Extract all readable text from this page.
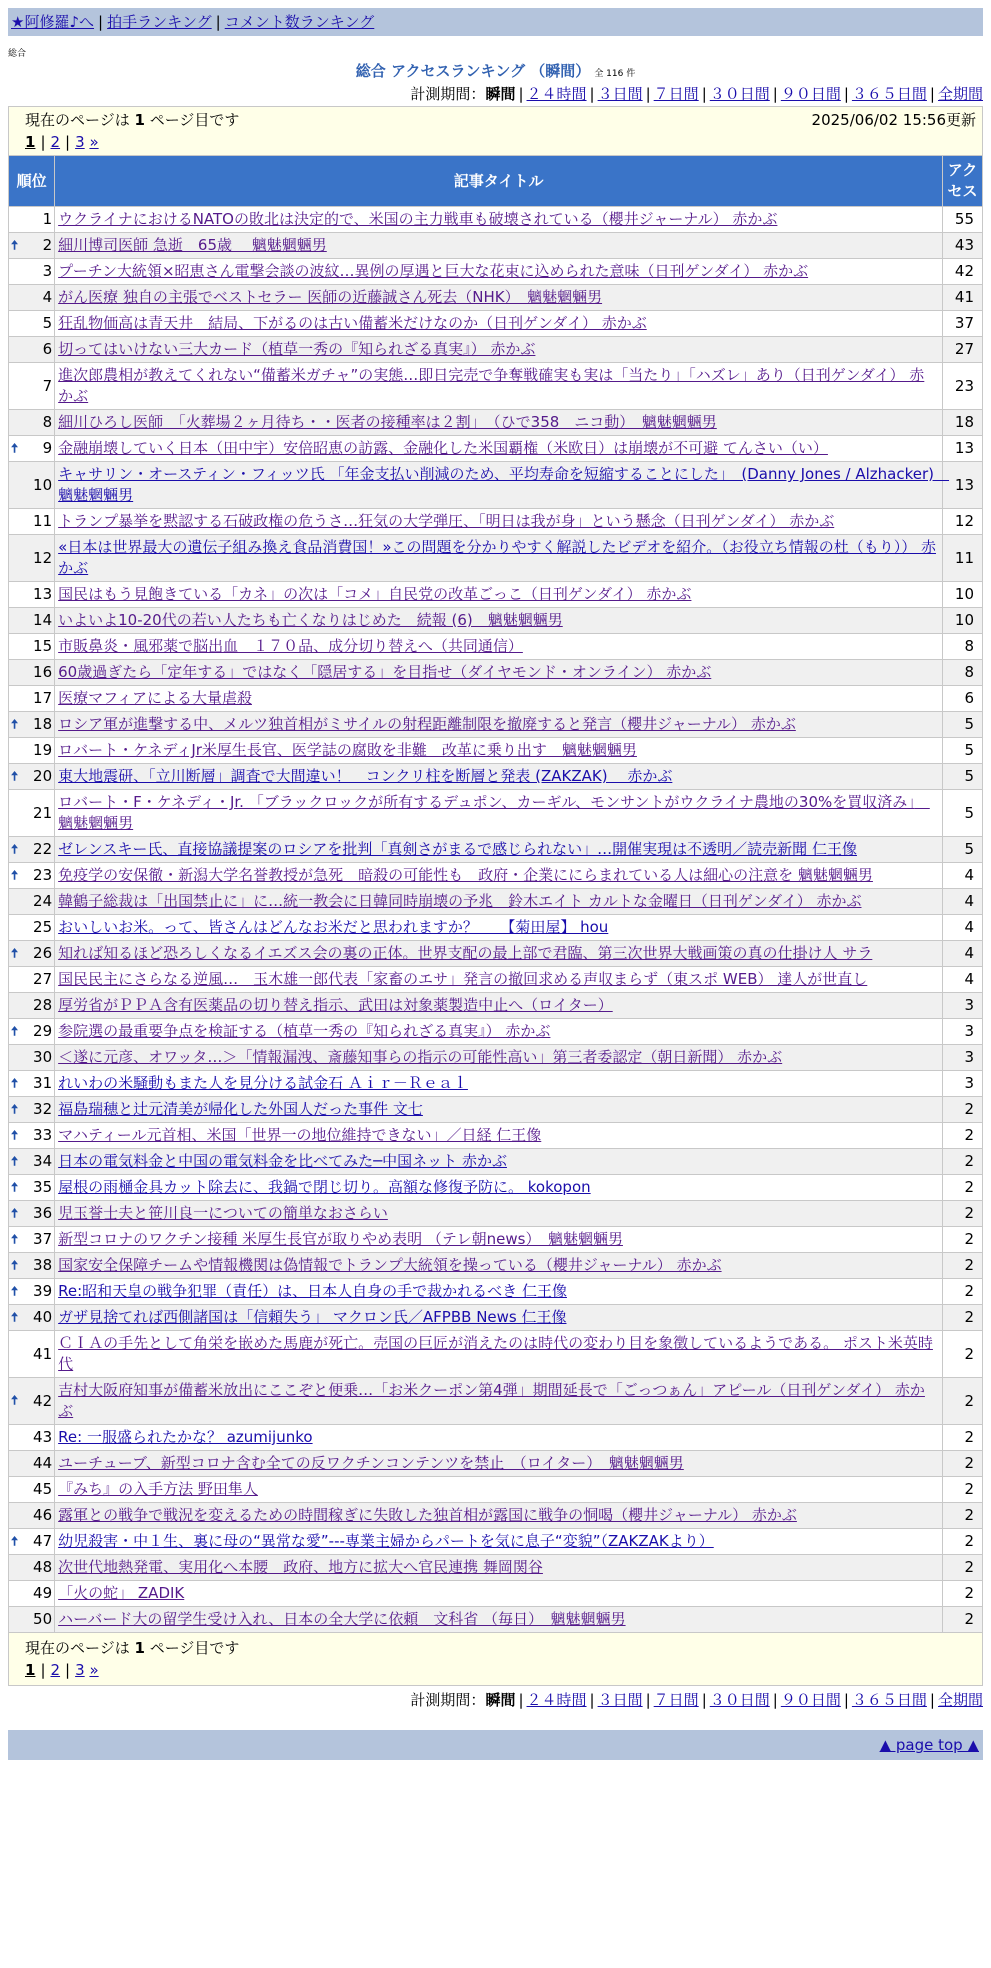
★阿修羅♪へ | 拍手ランキング | コメント数ランキング
総合
総合 アクセスランキング （瞬間） 全 116 件
計測期間：瞬間 | ２４時間 | ３日間 | ７日間 | ３０日間 | ９０日間 | ３６５日間 | 全期間
現在のページは 1 ページ目です	2025/06/02 15:56更新
1 | 2 | 3 »
順位	記事タイトル	アクセス
1	ウクライナにおけるNATOの敗北は決定的で、米国の主力戦車も破壊されている（櫻井ジャーナル） 赤かぶ	55

🠅 2	細川博司医師 急逝　65歳　 魑魅魍魎男	43
3	プーチン大統領×昭恵さん電撃会談の波紋…異例の厚遇と巨大な花束に込められた意味（日刊ゲンダイ） 赤かぶ	42
4	がん医療 独自の主張でベストセラー 医師の近藤誠さん死去（NHK）　魑魅魍魎男	41
5	狂乱物価高は青天井　結局、下がるのは古い備蓄米だけなのか（日刊ゲンダイ） 赤かぶ	37
6	切ってはいけない三大カード（植草一秀の『知られざる真実』） 赤かぶ	27
7	進次郎農相が教えてくれない“備蓄米ガチャ”の実態…即日完売で争奪戦確実も実は「当たり」「ハズレ」あり（日刊ゲンダイ） 赤かぶ	23
8	細川ひろし医師　「火葬場２ヶ月待ち・・医者の接種率は２割」　（ひで358　ニコ動）　魑魅魍魎男	18

🠅 9	金融崩壊していく日本（田中宇）安倍昭恵の訪露、金融化した米国覇権（米欧日）は崩壊が不可避 てんさい（い）	13
10	キャサリン・オースティン・フィッツ氏 「年金支払い削減のため、平均寿命を短縮することにした」　(Danny Jones / Alzhacker)　魑魅魍魎男	13
11	トランプ暴挙を黙認する石破政権の危うさ…狂気の大学弾圧、「明日は我が身」という懸念（日刊ゲンダイ） 赤かぶ	12
12	«日本は世界最大の遺伝子組み換え食品消費国！»この問題を分かりやすく解説したビデオを紹介。（お役立ち情報の杜（もり）） 赤かぶ	11
13	国民はもう見飽きている「カネ」の次は「コメ」自民党の改革ごっこ（日刊ゲンダイ） 赤かぶ	10
14	いよいよ10-20代の若い人たちも亡くなりはじめた　続報 (6)　魑魅魍魎男	10
15	市販鼻炎・風邪薬で脳出血　１７０品、成分切り替えへ（共同通信）	8
16	60歳過ぎたら「定年する」ではなく「隠居する」を目指せ（ダイヤモンド・オンライン） 赤かぶ	8
17	医療マフィアによる大量虐殺	6

🠅 18	ロシア軍が進撃する中、メルツ独首相がミサイルの射程距離制限を撤廃すると発言（櫻井ジャーナル） 赤かぶ	5
19	ロバート・ケネディJr米厚生長官、医学誌の腐敗を非難　改革に乗り出す　魑魅魍魎男	5

🠅 20	東大地震研、「立川断層」調査で大間違い！　コンクリ柱を断層と発表 (ZAKZAK)　 赤かぶ	5
21	ロバート・F・ケネディ・Jr. 「ブラックロックが所有するデュポン、カーギル、モンサントがウクライナ農地の30%を買収済み」　魑魅魍魎男	5

🠅 22	ゼレンスキー氏、直接協議提案のロシアを批判「真剣さがまるで感じられない」…開催実現は不透明／読売新聞 仁王像	5

🠅 23	免疫学の安保徹・新潟大学名誉教授が急死　暗殺の可能性も　政府・企業ににらまれている人は細心の注意を 魑魅魍魎男	4
24	韓鶴子総裁は「出国禁止に」に…統一教会に日韓同時崩壊の予兆　鈴木エイト カルトな金曜日（日刊ゲンダイ） 赤かぶ	4
25	おいしいお米。って、皆さんはどんなお米だと思われますか？　　【菊田屋】 hou	4

🠅 26	知れば知るほど恐ろしくなるイエズス会の裏の正体。世界支配の最上部で君臨、第三次世界大戦画策の真の仕掛け人 サラ	4
27	国民民主にさらなる逆風…　玉木雄一郎代表「家畜のエサ」発言の撤回求める声収まらず（東スポ WEB） 達人が世直し	4
28	厚労省がＰＰＡ含有医薬品の切り替え指示、武田は対象薬製造中止へ（ロイター）	3

🠅 29	参院選の最重要争点を検証する（植草一秀の『知られざる真実』） 赤かぶ	3
30	＜遂に元彦、オワッタ…＞「情報漏洩、斎藤知事らの指示の可能性高い」第三者委認定（朝日新聞） 赤かぶ	3

🠅 31	れいわの米騒動もまた人を見分ける試金石 Ａｉｒ－Ｒｅａｌ	3

🠅 32	福島瑞穂と辻元清美が帰化した外国人だった事件 文七	2

🠅 33	マハティール元首相、米国「世界一の地位維持できない」／日経 仁王像	2

🠅 34	日本の電気料金と中国の電気料金を比べてみた─中国ネット 赤かぶ	2

🠅 35	屋根の雨樋金具カット除去に、我鍋で閉じ切り。高額な修復予防に。 kokopon	2

🠅 36	児玉誉士夫と笹川良一についての簡単なおさらい	2

🠅 37	新型コロナのワクチン接種 米厚生長官が取りやめ表明 （テレ朝news）　魑魅魍魎男	2

🠅 38	国家安全保障チームや情報機関は偽情報でトランプ大統領を操っている（櫻井ジャーナル） 赤かぶ	2

🠅 39	Re:昭和天皇の戦争犯罪（責任）は、日本人自身の手で裁かれるべき 仁王像	2

🠅 40	ガザ見捨てれば西側諸国は「信頼失う」 マクロン氏／AFPBB News 仁王像	2
41	ＣＩＡの手先として角栄を嵌めた馬鹿が死亡。売国の巨匠が消えたのは時代の変わり目を象徴しているようである。 ポスト米英時代	2

🠅 42	吉村大阪府知事が備蓄米放出にここぞと便乗…「お米クーポン第4弾」期間延長で「ごっつぁん」アピール（日刊ゲンダイ） 赤かぶ	2
43	Re: 一服盛られたかな？ azumijunko	2
44	ユーチューブ、新型コロナ含む全ての反ワクチンコンテンツを禁止　（ロイター）　魑魅魍魎男	2
45	『みち』の入手方法 野田隼人	2
46	露軍との戦争で戦況を変えるための時間稼ぎに失敗した独首相が露国に戦争の恫喝（櫻井ジャーナル） 赤かぶ	2

🠅 47	幼児殺害・中１生、裏に母の“異常な愛”---専業主婦からパートを気に息子“変貌”（ZAKZAKより）	2
48	次世代地熱発電、実用化へ本腰　政府、地方に拡大へ官民連携 舞岡関谷	2
49	「火の蛇」 ZADIK	2
50	ハーバード大の留学生受け入れ、日本の全大学に依頼　文科省 （毎日）　魑魅魍魎男	2
現在のページは 1 ページ目です
1 | 2 | 3 »
計測期間：瞬間 | ２４時間 | ３日間 | ７日間 | ３０日間 | ９０日間 | ３６５日間 | 全期間
▲ page top ▲
